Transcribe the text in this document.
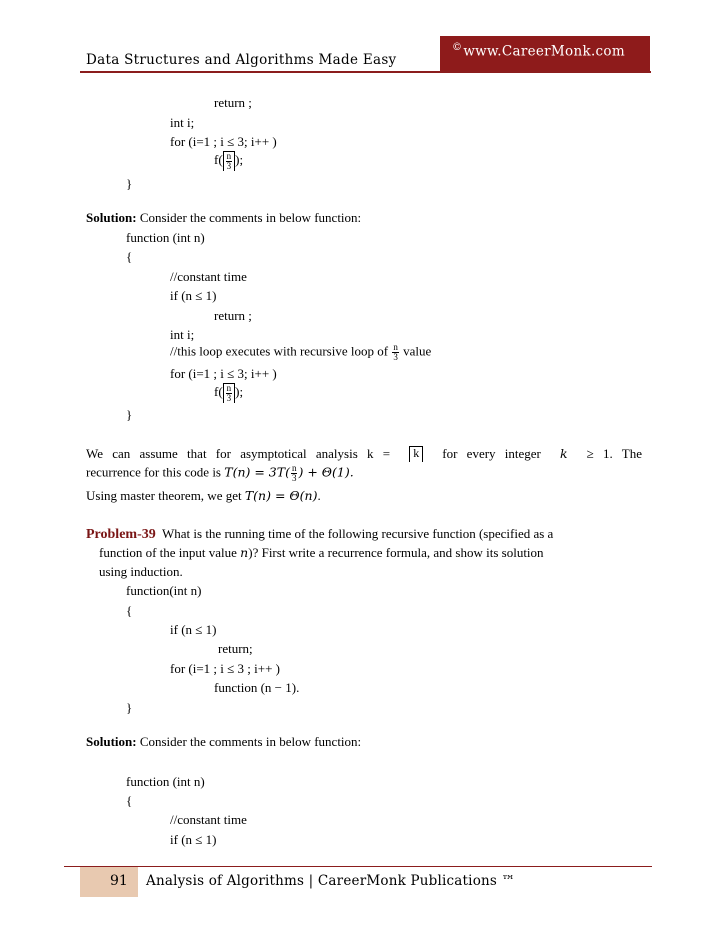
©www.CareerMonk.com
Data Structures and Algorithms Made Easy
return ;
int i;
for (i=1 ; i ≤ 3; i++ )
$f( \frac{n}{3}$ );
}
Solution: Consider the comments in below function:
function (int n)
{
//constant time
if (n ≤ 1)
return ;
int i;
//this loop executes with recursive loop of $\frac{n}{3}$ value
for (i=1 ; i ≤ 3; i++ )
$f( \frac{n}{3}$ );
}
We can assume that for asymptotical analysis k =	k	for every integer k ≥ 1. The
recurrence for this code is $T(n) = 3T( \frac{n}{3}$ ) + Θ(1).
Using master theorem, we get T(n) = Θ(n).
Problem-39  What is the running time of the following recursive function (specified as a
function of the input value n)? First write a recurrence formula, and show its solution
using induction.
function(int n)
{
if (n ≤ 1)
return;
for (i=1 ; i ≤ 3 ; i++ )
function (n − 1).
}
Solution: Consider the comments in below function:
function (int n)
{
//constant time
if (n ≤ 1)
91 Analysis of Algorithms | CareerMonk Publications ™
